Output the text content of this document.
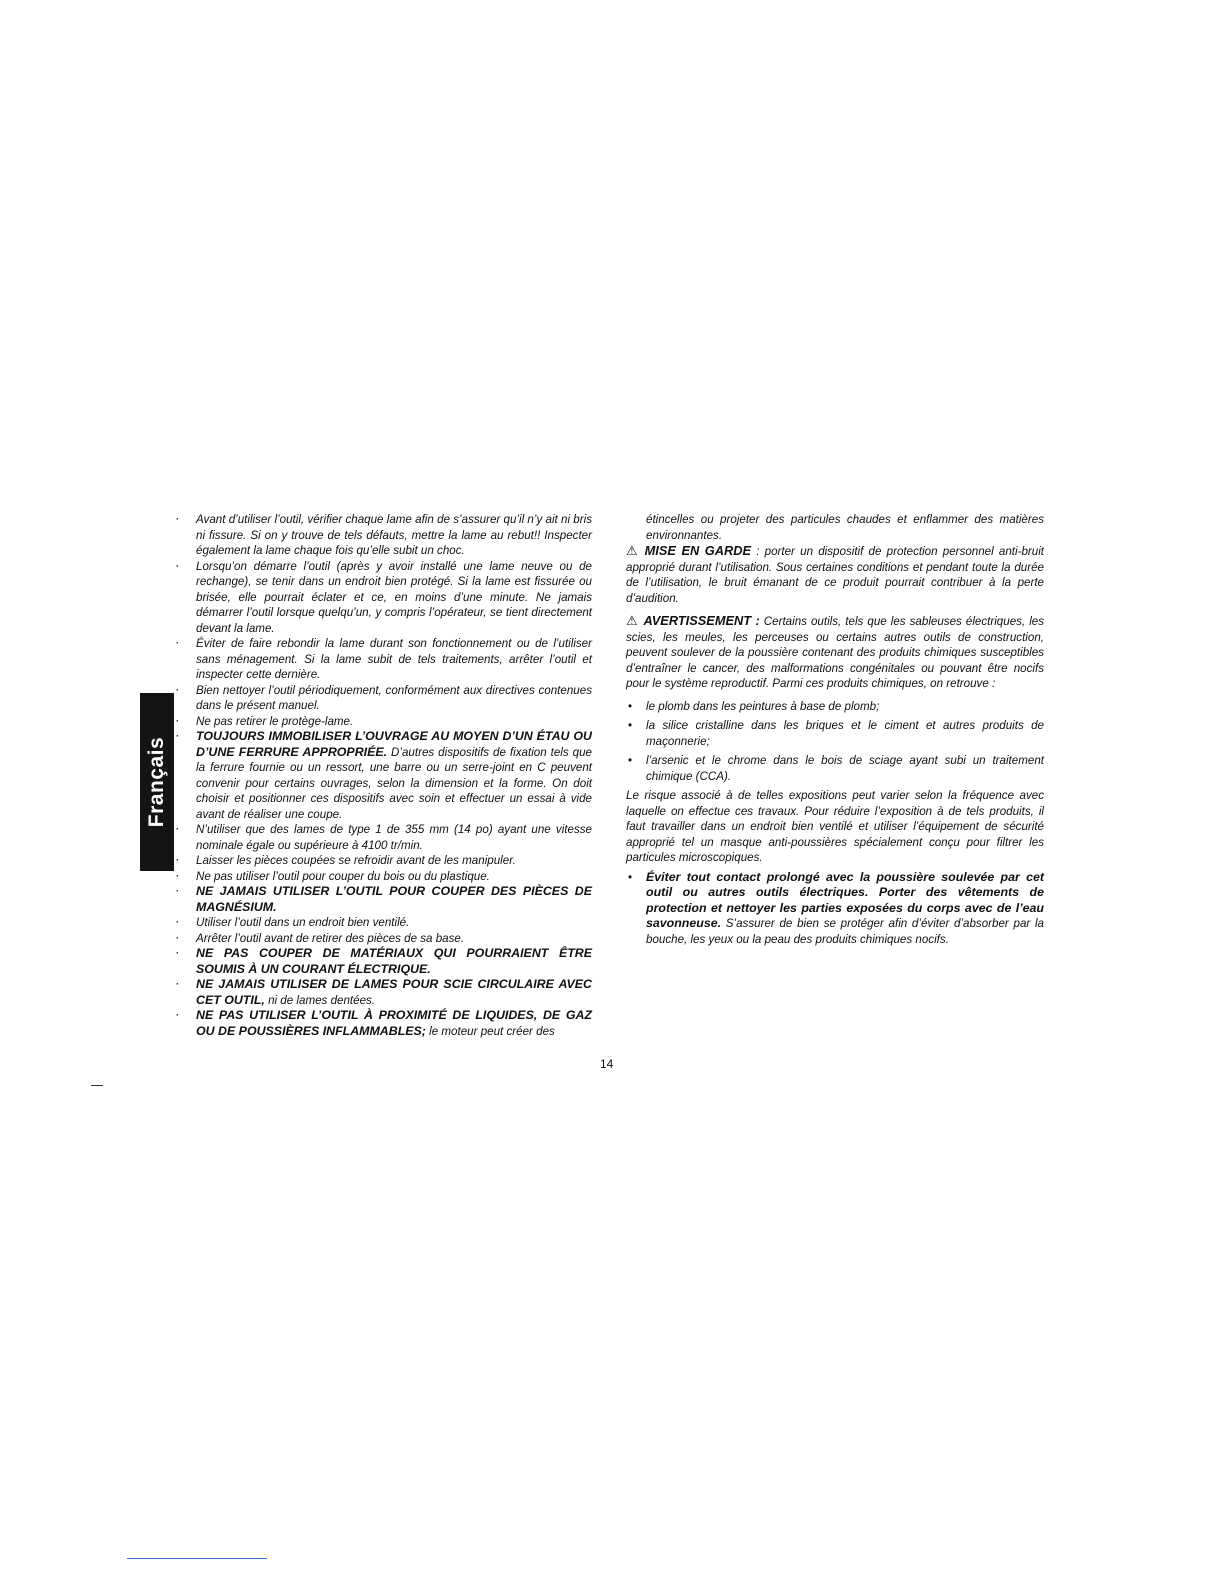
Français
· Avant d’utiliser l’outil, vérifier chaque lame afin de s’assurer qu’il n’y ait ni bris ni fissure. Si on y trouve de tels défauts, mettre la lame au rebut!! Inspecter également la lame chaque fois qu’elle subit un choc.
· Lorsqu’on démarre l’outil (après y avoir installé une lame neuve ou de rechange), se tenir dans un endroit bien protégé. Si la lame est fissurée ou brisée, elle pourrait éclater et ce, en moins d’une minute. Ne jamais démarrer l’outil lorsque quelqu’un, y compris l’opérateur, se tient directement devant la lame.
· Éviter de faire rebondir la lame durant son fonctionnement ou de l’utiliser sans ménagement. Si la lame subit de tels traitements, arrêter l’outil et inspecter cette dernière.
· Bien nettoyer l’outil périodiquement, conformément aux directives contenues dans le présent manuel.
· Ne pas retirer le protège-lame.
· TOUJOURS IMMOBILISER L’OUVRAGE AU MOYEN D’UN ÉTAU OU D’UNE FERRURE APPROPRIÉE. D’autres dispositifs de fixation tels que la ferrure fournie ou un ressort, une barre ou un serre-joint en C peuvent convenir pour certains ouvrages, selon la dimension et la forme. On doit choisir et positionner ces dispositifs avec soin et effectuer un essai à vide avant de réaliser une coupe.
· N’utiliser que des lames de type 1 de 355 mm (14 po) ayant une vitesse nominale égale ou supérieure à 4100 tr/min.
· Laisser les pièces coupées se refroidir avant de les manipuler.
· Ne pas utiliser l’outil pour couper du bois ou du plastique.
· NE JAMAIS UTILISER L’OUTIL POUR COUPER DES PIÈCES DE MAGNÉSIUM.
· Utiliser l’outil dans un endroit bien ventilé.
· Arrêter l’outil avant de retirer des pièces de sa base.
· NE PAS COUPER DE MATÉRIAUX QUI POURRAIENT ÊTRE SOUMIS À UN COURANT ÉLECTRIQUE.
· NE JAMAIS UTILISER DE LAMES POUR SCIE CIRCULAIRE AVEC CET OUTIL, ni de lames dentées.
· NE PAS UTILISER L’OUTIL À PROXIMITÉ DE LIQUIDES, DE GAZ OU DE POUSSIÈRES INFLAMMABLES; le moteur peut créer des
étincelles ou projeter des particules chaudes et enflammer des matières environnantes.

⚠ MISE EN GARDE : porter un dispositif de protection personnel anti-bruit approprié durant l’utilisation. Sous certaines conditions et pendant toute la durée de l’utilisation, le bruit émanant de ce produit pourrait contribuer à la perte d’audition.

⚠ AVERTISSEMENT : Certains outils, tels que les sableuses électriques, les scies, les meules, les perceuses ou certains autres outils de construction, peuvent soulever de la poussière contenant des produits chimiques susceptibles d’entraîner le cancer, des malformations congénitales ou pouvant être nocifs pour le système reproductif. Parmi ces produits chimiques, on retrouve :

• le plomb dans les peintures à base de plomb;
• la silice cristalline dans les briques et le ciment et autres produits de maçonnerie;
• l’arsenic et le chrome dans le bois de sciage ayant subi un traitement chimique (CCA).

Le risque associé à de telles expositions peut varier selon la fréquence avec laquelle on effectue ces travaux. Pour réduire l’exposition à de tels produits, il faut travailler dans un endroit bien ventilé et utiliser l’équipement de sécurité approprié tel un masque anti-poussières spécialement conçu pour filtrer les particules microscopiques.

• Éviter tout contact prolongé avec la poussière soulevée par cet outil ou autres outils électriques. Porter des vêtements de protection et nettoyer les parties exposées du corps avec de l’eau savonneuse. S’assurer de bien se protéger afin d’éviter d’absorber par la bouche, les yeux ou la peau des produits chimiques nocifs.
14
